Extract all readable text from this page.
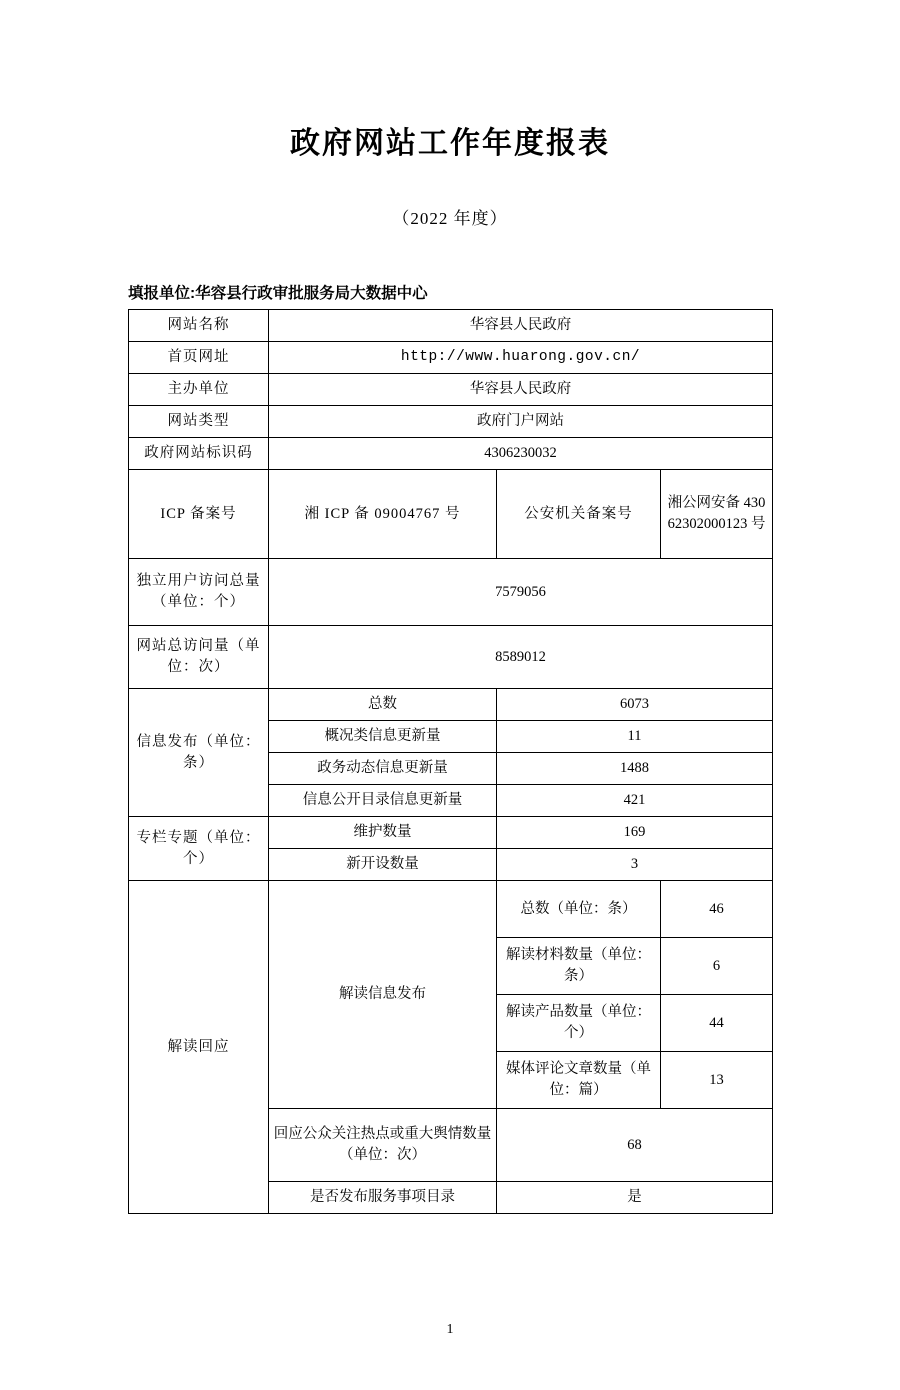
政府网站工作年度报表
（2022 年度）
填报单位:华容县行政审批服务局大数据中心
网站名称	华容县人民政府		
首页网址	http://www.huarong.gov.cn/		
主办单位	华容县人民政府		
网站类型	政府门户网站		
政府网站标识码	4306230032		
ICP 备案号	湘 ICP 备 09004767 号	公安机关备案号	湘公网安备 43062302000123 号
独立用户访问总量（单位：个）	7579056		
网站总访问量（单位：次）	8589012		
信息发布（单位：条）	总数	6073	
	概况类信息更新量	11	
	政务动态信息更新量	1488	
	信息公开目录信息更新量	421	
专栏专题（单位：个）	维护数量	169	
	新开设数量	3	
解读回应	解读信息发布	总数（单位：条）	46
		解读材料数量（单位：条）	6
		解读产品数量（单位：个）	44
		媒体评论文章数量（单位：篇）	13
	回应公众关注热点或重大舆情数量（单位：次）	68	
	是否发布服务事项目录	是	
1
